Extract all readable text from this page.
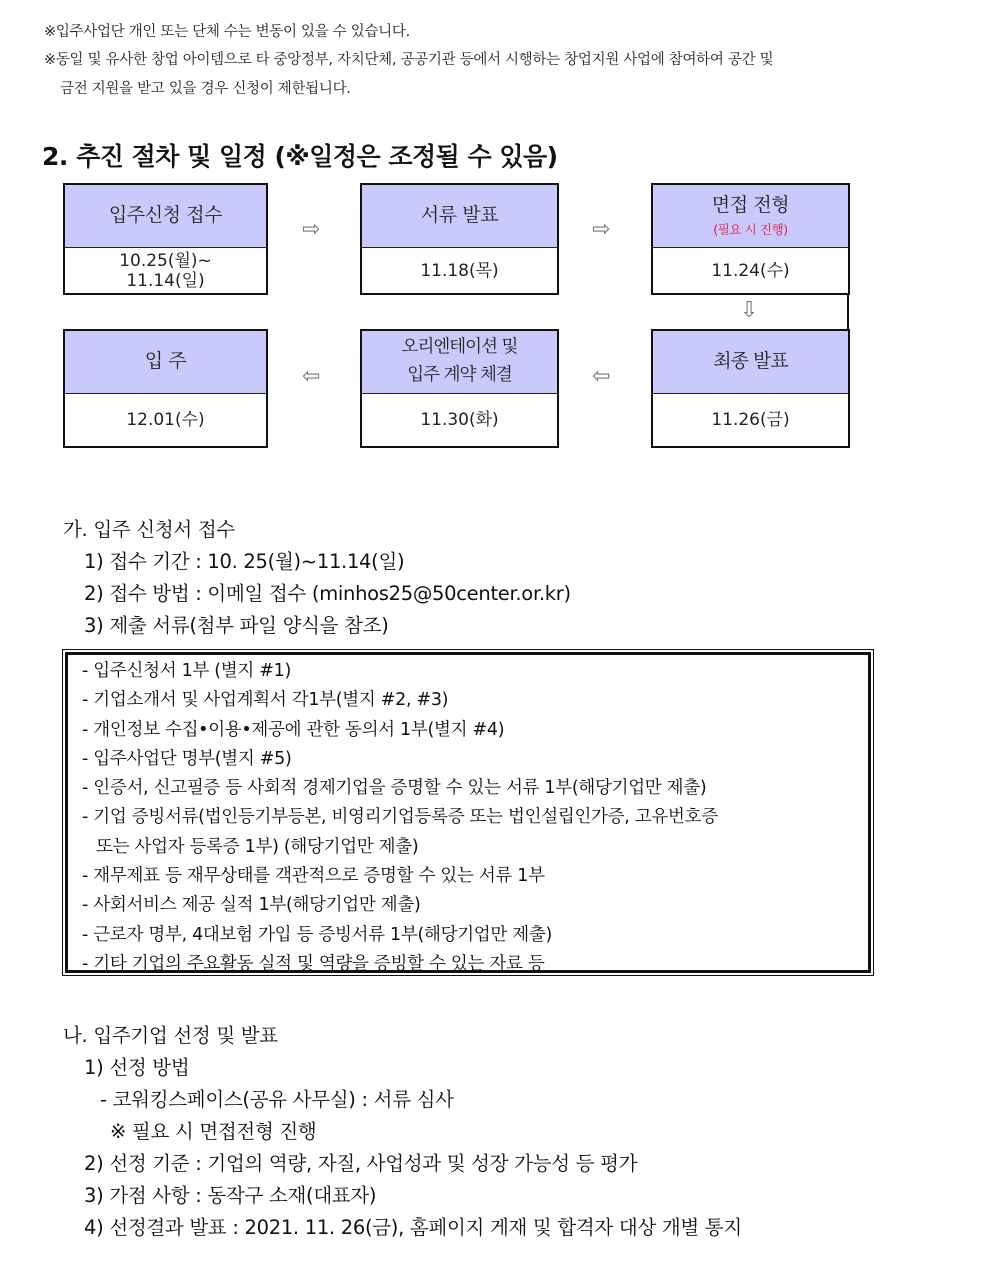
※입주사업단 개인 또는 단체 수는 변동이 있을 수 있습니다.
※동일 및 유사한 창업 아이템으로 타 중앙정부, 자치단체, 공공기관 등에서 시행하는 창업지원 사업에 참여하여 공간 및
금전 지원을 받고 있을 경우 신청이 제한됩니다.
2. 추진 절차 및 일정 (※일정은 조정될 수 있음)
입주신청 접수
10.25(월)~
11.14(일)
⇨
서류 발표
11.18(목)
⇨
면접 전형
(필요 시 진행)
11.24(수)
⇩
입 주
12.01(수)
⇦
오리엔테이션 및
입주 계약 체결
11.30(화)
⇦
최종 발표
11.26(금)
가. 입주 신청서 접수
1) 접수 기간 : 10. 25(월)~11.14(일)
2) 접수 방법 : 이메일 접수 (minhos25@50center.or.kr)
3) 제출 서류(첨부 파일 양식을 참조)
- 입주신청서 1부 (별지 #1)
- 기업소개서 및 사업계획서 각1부(별지 #2, #3)
- 개인정보 수집•이용•제공에 관한 동의서 1부(별지 #4)
- 입주사업단 명부(별지 #5)
- 인증서, 신고필증 등 사회적 경제기업을 증명할 수 있는 서류 1부(해당기업만 제출)
- 기업 증빙서류(법인등기부등본, 비영리기업등록증 또는 법인설립인가증, 고유번호증
또는 사업자 등록증 1부) (해당기업만 제출)
- 재무제표 등 재무상태를 객관적으로 증명할 수 있는 서류 1부
- 사회서비스 제공 실적 1부(해당기업만 제출)
- 근로자 명부, 4대보험 가입 등 증빙서류 1부(해당기업만 제출)
- 기타 기업의 주요활동 실적 및 역량을 증빙할 수 있는 자료 등
나. 입주기업 선정 및 발표
1) 선정 방법
- 코워킹스페이스(공유 사무실) : 서류 심사
※ 필요 시 면접전형 진행
2) 선정 기준 : 기업의 역량, 자질, 사업성과 및 성장 가능성 등 평가
3) 가점 사항 : 동작구 소재(대표자)
4) 선정결과 발표 : 2021. 11. 26(금), 홈페이지 게재 및 합격자 대상 개별 통지
